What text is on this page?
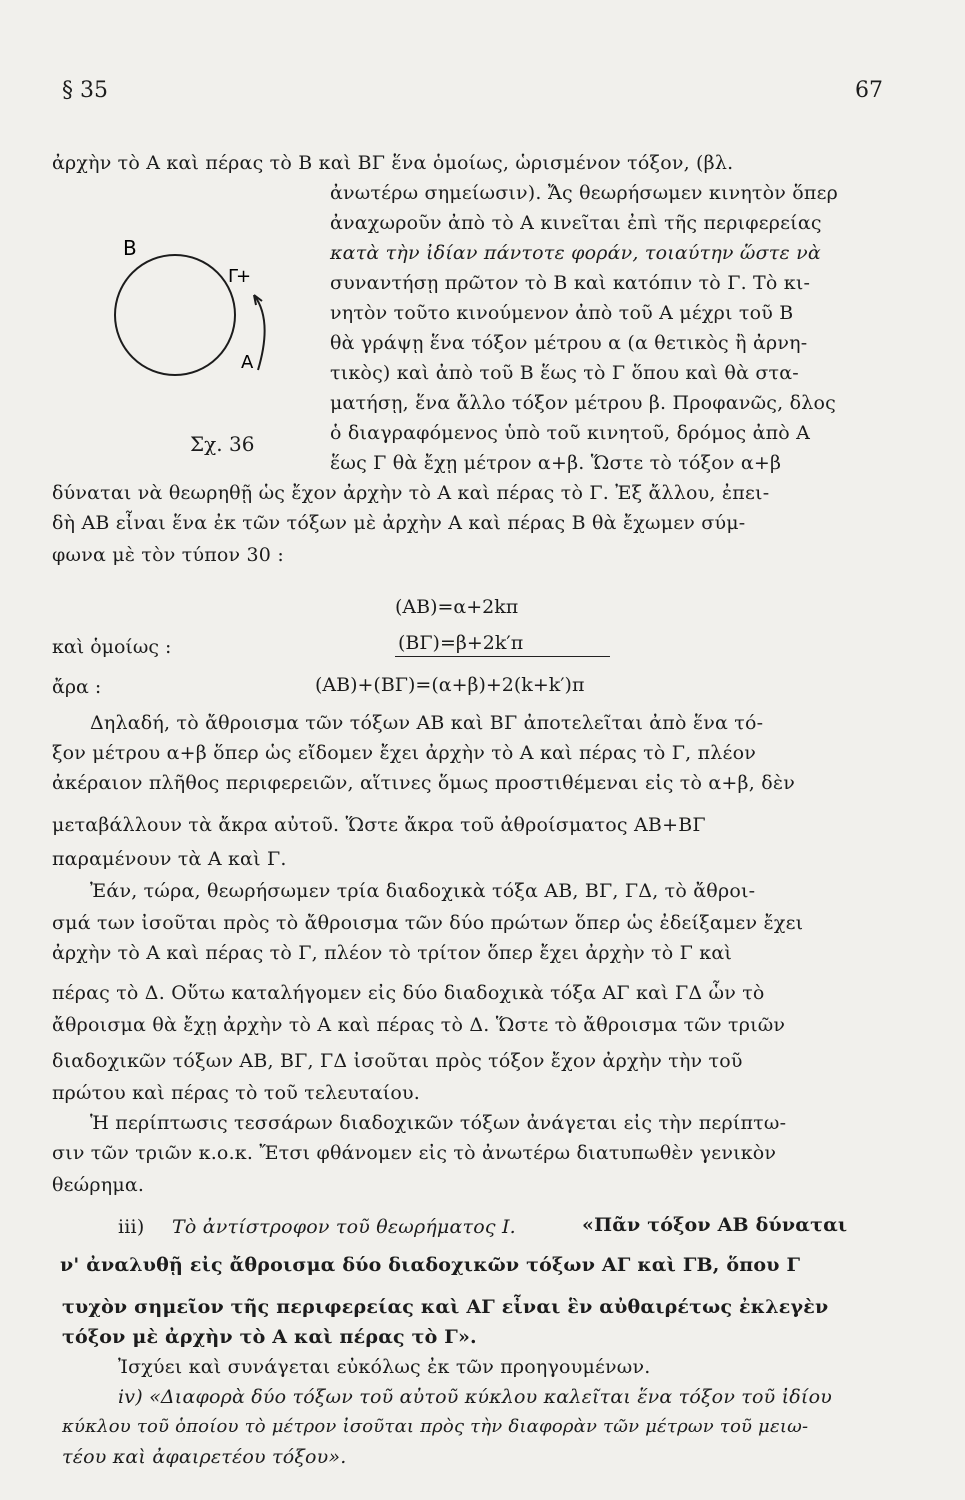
§ 35	67
B
Γ
+
A
Σχ. 36
ἀρχὴν τὸ Α καὶ πέρας τὸ Β καὶ ΒΓ ἕνα ὁμοίως, ὡρισμένον τόξον, (βλ.
ἀνωτέρω σημείωσιν). Ἄς θεωρήσωμεν κινητὸν ὅπερ
ἀναχωροῦν ἀπὸ τὸ Α κινεῖται ἐπὶ τῆς περιφερείας
κατὰ τὴν ἰδίαν πάντοτε φοράν, τοιαύτην ὥστε νὰ
συναντήσῃ πρῶτον τὸ Β καὶ κατόπιν τὸ Γ. Τὸ κι-
νητὸν τοῦτο κινούμενον ἀπὸ τοῦ Α μέχρι τοῦ Β
θὰ γράψῃ ἕνα τόξον μέτρου α (α θετικὸς ἢ ἀρνη-
τικὸς) καὶ ἀπὸ τοῦ Β ἕως τὸ Γ ὅπου καὶ θὰ στα-
ματήσῃ, ἕνα ἄλλο τόξον μέτρου β. Προφανῶς, δλος
ὁ διαγραφόμενος ὑπὸ τοῦ κινητοῦ, δρόμος ἀπὸ Α
ἕως Γ θὰ ἔχῃ μέτρον α+β. Ὥστε τὸ τόξον α+β
δύναται νὰ θεωρηθῇ ὡς ἔχον ἀρχὴν τὸ Α καὶ πέρας τὸ Γ. Ἐξ ἄλλου, ἐπει-
δὴ ΑΒ εἶναι ἕνα ἐκ τῶν τόξων μὲ ἀρχὴν Α καὶ πέρας Β θὰ ἔχωμεν σύμ-
φωνα μὲ τὸν τύπον 30 :
(ΑΒ)=α+2kπ
καὶ ὁμοίως :	(ΒΓ)=β+2k′π
ἄρα :	(ΑΒ)+(ΒΓ)=(α+β)+2(k+k′)π
Δηλαδή, τὸ ἄθροισμα τῶν τόξων ΑΒ καὶ ΒΓ ἀποτελεῖται ἀπὸ ἕνα τό-
ξον μέτρου α+β ὅπερ ὡς εἴδομεν ἔχει ἀρχὴν τὸ Α καὶ πέρας τὸ Γ, πλέον
ἀκέραιον πλῆθος περιφερειῶν, αἵτινες ὅμως προστιθέμεναι εἰς τὸ α+β, δὲν
μεταβάλλουν τὰ ἄκρα αὐτοῦ. Ὥστε ἄκρα τοῦ ἀθροίσματος ΑΒ+ΒΓ
παραμένουν τὰ Α καὶ Γ.
Ἐάν, τώρα, θεωρήσωμεν τρία διαδοχικὰ τόξα ΑΒ, ΒΓ, ΓΔ, τὸ ἄθροι-
σμά των ἰσοῦται πρὸς τὸ ἄθροισμα τῶν δύο πρώτων ὅπερ ὡς ἐδείξαμεν ἔχει
ἀρχὴν τὸ Α καὶ πέρας τὸ Γ, πλέον τὸ τρίτον ὅπερ ἔχει ἀρχὴν τὸ Γ καὶ
πέρας τὸ Δ. Οὕτω καταλήγομεν εἰς δύο διαδοχικὰ τόξα ΑΓ καὶ ΓΔ ὧν τὸ
ἄθροισμα θὰ ἔχῃ ἀρχὴν τὸ Α καὶ πέρας τὸ Δ. Ὥστε τὸ ἄθροισμα τῶν τριῶν
διαδοχικῶν τόξων ΑΒ, ΒΓ, ΓΔ ἰσοῦται πρὸς τόξον ἔχον ἀρχὴν τὴν τοῦ
πρώτου καὶ πέρας τὸ τοῦ τελευταίου.
Ἡ περίπτωσις τεσσάρων διαδοχικῶν τόξων ἀνάγεται εἰς τὴν περίπτω-
σιν τῶν τριῶν κ.ο.κ. Ἔτσι φθάνομεν εἰς τὸ ἀνωτέρω διατυπωθὲν γενικὸν
θεώρημα.
iii) Τὸ ἀντίστροφον τοῦ θεωρήματος I.	«Πᾶν τόξον ΑΒ δύναται
ν' ἀναλυθῇ εἰς ἄθροισμα δύο διαδοχικῶν τόξων ΑΓ καὶ ΓΒ, ὅπου Γ
τυχὸν σημεῖον τῆς περιφερείας καὶ ΑΓ εἶναι ἓν αὐθαιρέτως ἐκλεγὲν
τόξον μὲ ἀρχὴν τὸ Α καὶ πέρας τὸ Γ».
Ἰσχύει καὶ συνάγεται εὐκόλως ἐκ τῶν προηγουμένων.
iv) «Διαφορὰ δύο τόξων τοῦ αὐτοῦ κύκλου καλεῖται ἕνα τόξον τοῦ ἰδίου
κύκλου τοῦ ὁποίου τὸ μέτρον ἰσοῦται πρὸς τὴν διαφορὰν τῶν μέτρων τοῦ μειω-
τέου καὶ ἀφαιρετέου τόξου».
